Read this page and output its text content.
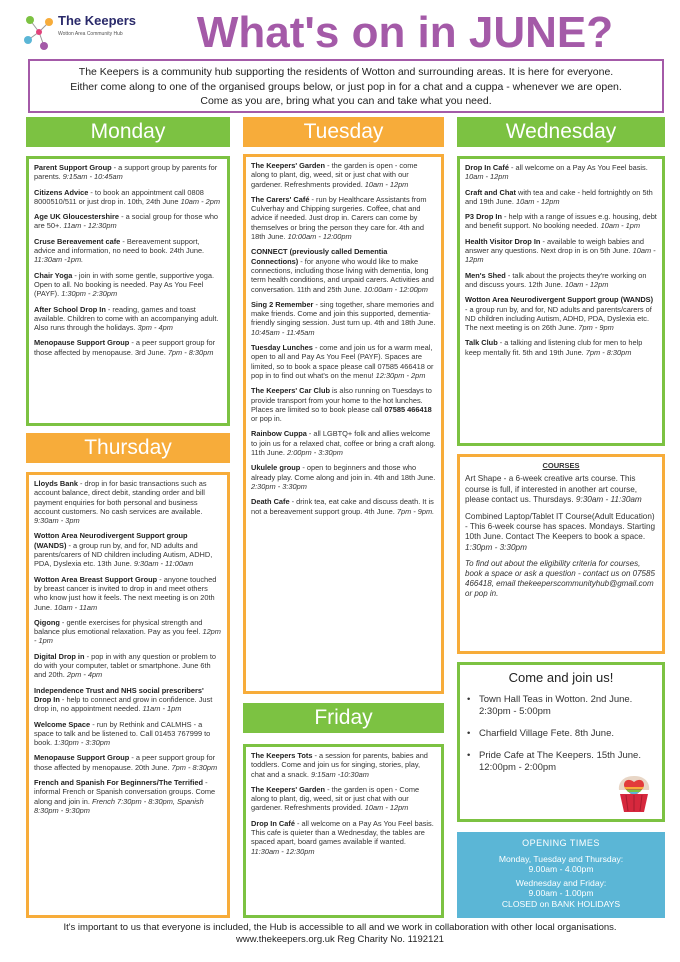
The Keepers
Wotton Area Community Hub	What's on in JUNE?
The Keepers is a community hub supporting the residents of Wotton and surrounding areas. It is here for everyone.
Either come along to one of the organised groups below, or just pop in for a chat and a cuppa - whenever we are open.
Come as you are, bring what you can and take what you need.
Monday
Parent Support Group - a support group by parents for parents. 9:15am - 10:45am
Citizens Advice - to book an appointment call 0808 8000510/511 or just drop in. 10th, 24th June 10am - 2pm
Age UK Gloucestershire - a social group for those who are 50+. 11am - 12:30pm
Cruse Bereavement cafe - Bereavement support, advice and information, no need to book. 24th June. 11:30am -1pm.
Chair Yoga - join in with some gentle, supportive yoga. Open to all. No booking is needed. Pay As You Feel (PAYF). 1:30pm - 2:30pm
After School Drop In - reading, games and toast available. Children to come with an accompanying adult. Also runs through the holidays. 3pm - 4pm
Menopause Support Group - a peer support group for those affected by menopause. 3rd June. 7pm - 8:30pm
Thursday
Lloyds Bank - drop in for basic transactions such as account balance, direct debit, standing order and bill payment enquiries for both personal and business account customers. No cash services are available. 9:30am - 3pm
Wotton Area Neurodivergent Support group (WANDS) - a group run by, and for, ND adults and parents/carers of ND children including Autism, ADHD, PDA, Dyslexia etc. 13th June. 9:30am - 11:00am
Wotton Area Breast Support Group - anyone touched by breast cancer is invited to drop in and meet others who know just how it feels. The next meeting is on 20th June. 10am - 11am
Qigong - gentle exercises for physical strength and balance plus emotional relaxation. Pay as you feel. 12pm - 1pm
Digital Drop in - pop in with any question or problem to do with your computer, tablet or smartphone. June 6th and 20th. 2pm - 4pm
Independence Trust and NHS social prescribers' Drop In - help to connect and grow in confidence. Just drop in, no appointment needed. 11am - 1pm
Welcome Space - run by Rethink and CALMHS - a space to talk and be listened to. Call 01453 767999 to book. 1:30pm - 3:30pm
Menopause Support Group - a peer support group for those affected by menopause. 20th June. 7pm - 8:30pm
French and Spanish For Beginners/The Terrified - informal French or Spanish conversation groups. Come along and join in. French 7:30pm - 8:30pm, Spanish 8:30pm - 9:30pm
Tuesday
The Keepers' Garden - the garden is open - come along to plant, dig, weed, sit or just chat with our gardener. Refreshments provided. 10am - 12pm
The Carers' Café - run by Healthcare Assistants from Culverhay and Chipping surgeries. Coffee, chat and advice if needed. Just drop in. Carers can come by themselves or bring the person they care for. 4th and 18th June. 10:00am - 12:00pm
CONNECT (previously called Dementia Connections) - for anyone who would like to make connections, including those living with dementia, long term health conditions, and unpaid carers. Activities and conversation. 11th and 25th June. 10:00am - 12:00pm
Sing 2 Remember - sing together, share memories and make friends. Come and join this supported, dementia-friendly singing session. Just turn up. 4th and 18th June. 10:45am - 11:45am
Tuesday Lunches - come and join us for a warm meal, open to all and Pay As You Feel (PAYF). Spaces are limited, so to book a space please call 07585 466418 or pop in to find out what's on the menu! 12:30pm - 2pm
The Keepers' Car Club is also running on Tuesdays to provide transport from your home to the hot lunches. Places are limited so to book please call 07585 466418 or pop in.
Rainbow Cuppa - all LGBTQ+ folk and allies welcome to join us for a relaxed chat, coffee or bring a craft along. 11th June. 2:00pm - 3:30pm
Ukulele group - open to beginners and those who already play. Come along and join in. 4th and 18th June. 2:30pm - 3:30pm
Death Cafe - drink tea, eat cake and discuss death. It is not a bereavement support group. 4th June. 7pm - 9pm.
Friday
The Keepers Tots - a session for parents, babies and toddlers. Come and join us for singing, stories, play, chat and a snack. 9:15am -10:30am
The Keepers' Garden - the garden is open - Come along to plant, dig, weed, sit or just chat with our gardener. Refreshments provided. 10am - 12pm
Drop In Café - all welcome on a Pay As You Feel basis. This cafe is quieter than a Wednesday, the tables are spaced apart, board games available if wanted. 11:30am - 12:30pm
Wednesday
Drop In Café - all welcome on a Pay As You Feel basis. 10am - 12pm
Craft and Chat with tea and cake - held fortnightly on 5th and 19th June. 10am - 12pm
P3 Drop In - help with a range of issues e.g. housing, debt and benefit support. No booking needed. 10am - 1pm
Health Visitor Drop In - available to weigh babies and answer any questions. Next drop in is on 5th June. 10am - 12pm
Men's Shed - talk about the projects they're working on and discuss yours. 12th June. 10am - 12pm
Wotton Area Neurodivergent Support group (WANDS) - a group run by, and for, ND adults and parents/carers of ND children including Autism, ADHD, PDA, Dyslexia etc. The next meeting is on 26th June. 7pm - 9pm
Talk Club - a talking and listening club for men to help keep mentally fit. 5th and 19th June. 7pm - 8:30pm
COURSES
Art Shape - a 6-week creative arts course. This course is full, if interested in another art course, please contact us. Thursdays. 9:30am - 11:30am
Combined Laptop/Tablet IT Course(Adult Education) - This 6-week course has spaces. Mondays. Starting 10th June. Contact The Keepers to book a space. 1:30pm - 3:30pm
To find out about the eligibility criteria for courses, book a space or ask a question - contact us on 07585 466418, email thekeeperscommunityhub@gmail.com or pop in.
Come and join us!
• Town Hall Teas in Wotton. 2nd June. 2:30pm - 5:00pm
• Charfield Village Fete. 8th June.
• Pride Cafe at The Keepers. 15th June. 12:00pm - 2:00pm
OPENING TIMES
Monday, Tuesday and Thursday:
9.00am - 4.00pm
Wednesday and Friday:
9.00am - 1.00pm
CLOSED on BANK HOLIDAYS
It's important to us that everyone is included, the Hub is accessible to all and we work in collaboration with other local organisations.
www.thekeepers.org.uk Reg Charity No. 1192121
